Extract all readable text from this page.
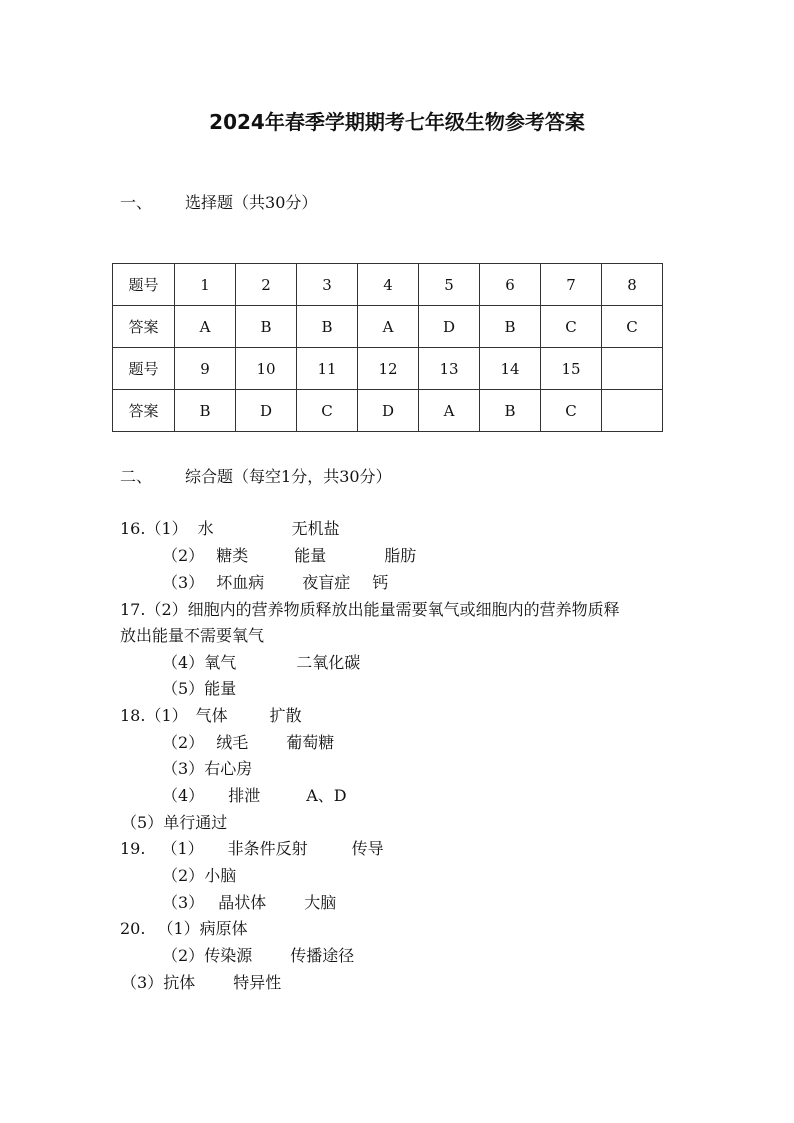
2024年春季学期期考七年级生物参考答案
一、 选择题（共30分）
题号	1	2	3	4	5	6	7	8
答案	A	B	B	A	D	B	C	C
题号	9	10	11	12	13	14	15	
答案	B	D	C	D	A	B	C	
二、 综合题（每空1分，共30分）
16.（1） 水	无机盐
（2） 糖类	能量	脂肪
（3） 坏血病 夜盲症 钙
17.（2）细胞内的营养物质释放出能量需要氧气或细胞内的营养物质释
放出能量不需要氧气
（4）氧气	二氧化碳
（5）能量
18.（1） 气体	扩散
（2） 绒毛 葡萄糖
（3）右心房
（4） 排泄	A、D
（5）单行通过
19. （1） 非条件反射	传导
（2）小脑
（3） 晶状体 大脑
20. （1）病原体
（2）传染源 传播途径
（3）抗体 特异性
